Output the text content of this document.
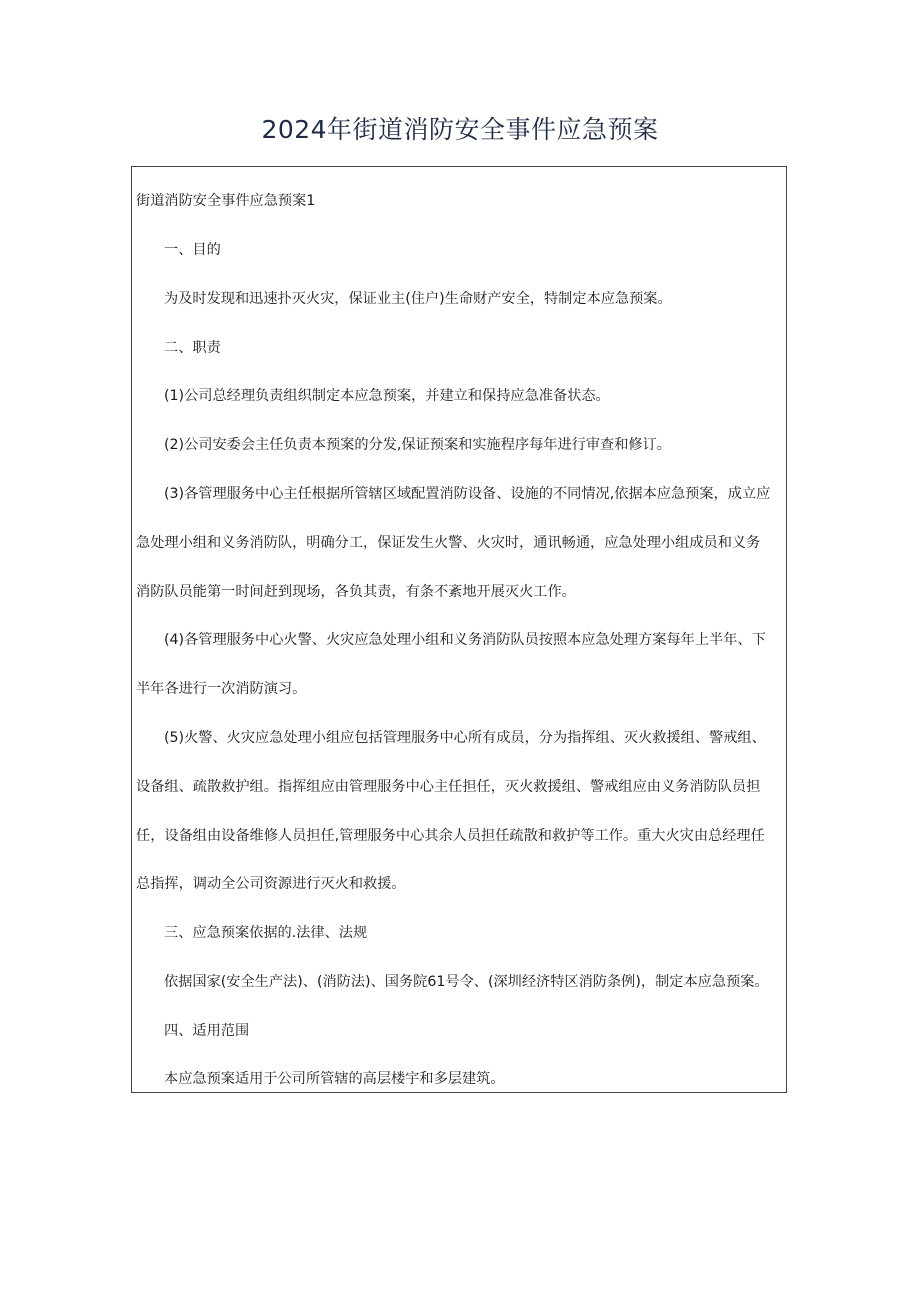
2024年街道消防安全事件应急预案
街道消防安全事件应急预案1
一、目的
为及时发现和迅速扑灭火灾，保证业主(住户)生命财产安全，特制定本应急预案。
二、职责
(1)公司总经理负责组织制定本应急预案，并建立和保持应急准备状态。
(2)公司安委会主任负责本预案的分发,保证预案和实施程序每年进行审查和修订。
(3)各管理服务中心主任根据所管辖区域配置消防设备、设施的不同情况,依据本应急预案，成立应
急处理小组和义务消防队，明确分工，保证发生火警、火灾时，通讯畅通，应急处理小组成员和义务
消防队员能第一时间赶到现场，各负其责，有条不紊地开展灭火工作。
(4)各管理服务中心火警、火灾应急处理小组和义务消防队员按照本应急处理方案每年上半年、下
半年各进行一次消防演习。
(5)火警、火灾应急处理小组应包括管理服务中心所有成员，分为指挥组、灭火救援组、警戒组、
设备组、疏散救护组。指挥组应由管理服务中心主任担任，灭火救援组、警戒组应由义务消防队员担
任，设备组由设备维修人员担任,管理服务中心其余人员担任疏散和救护等工作。重大火灾由总经理任
总指挥，调动全公司资源进行灭火和救援。
三、应急预案依据的.法律、法规
依据国家(安全生产法)、(消防法)、国务院61号令、(深圳经济特区消防条例)，制定本应急预案。
四、适用范围
本应急预案适用于公司所管辖的高层楼宇和多层建筑。
